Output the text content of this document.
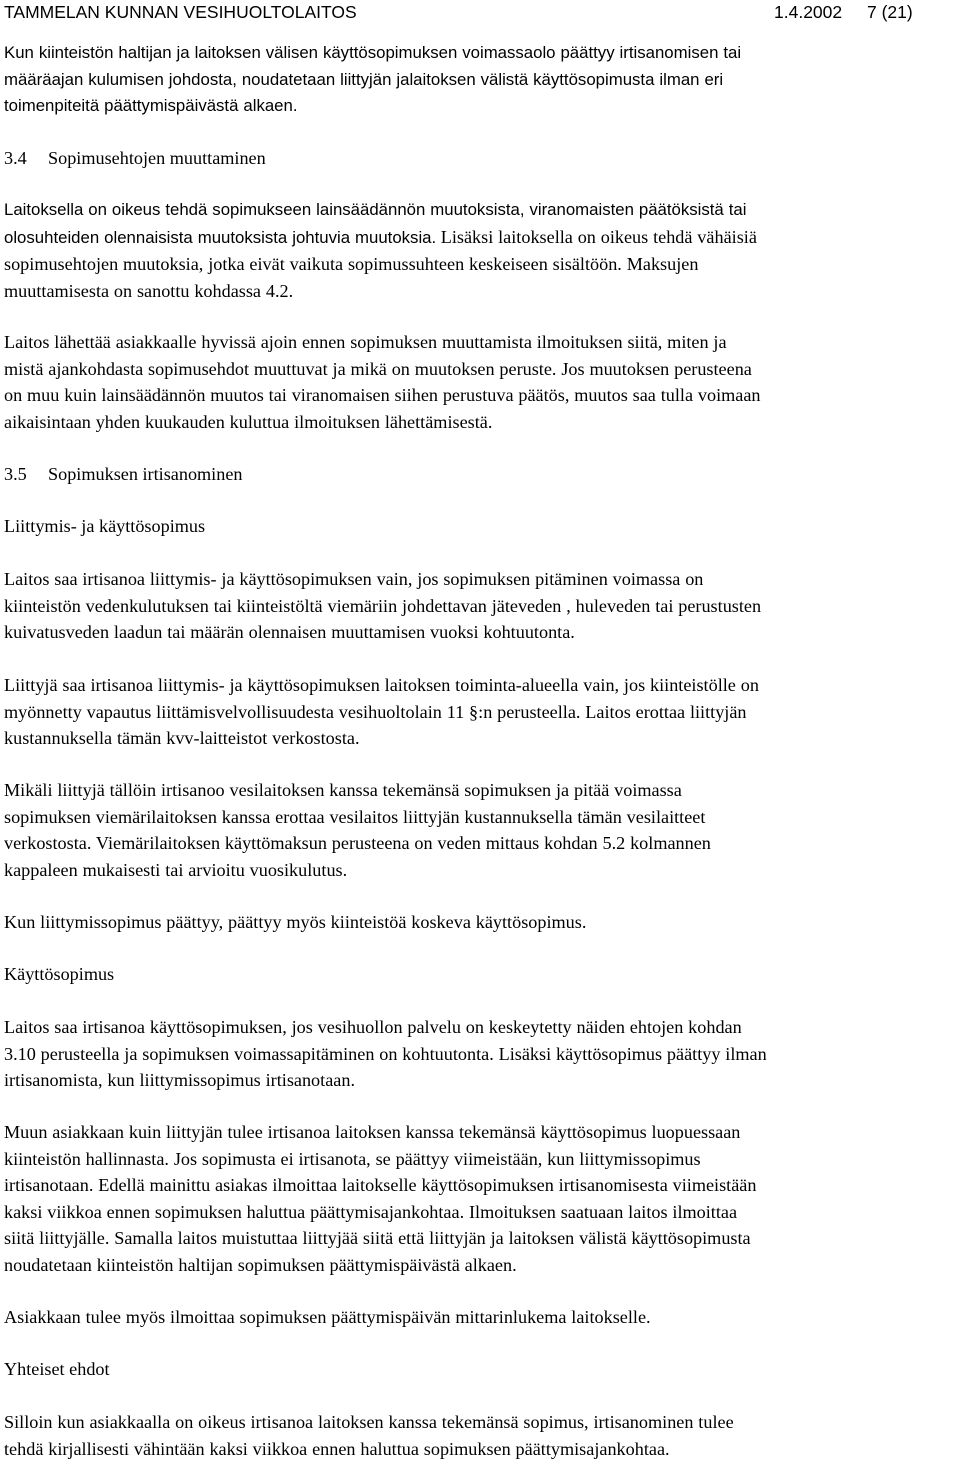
TAMMELAN KUNNAN VESIHUOLTOLAITOS	1.4.2002 7 (21)
Kun kiinteistön haltijan ja laitoksen välisen käyttösopimuksen voimassaolo päättyy irtisanomisen tai
määräajan kulumisen johdosta, noudatetaan liittyjän jalaitoksen välistä käyttösopimusta ilman eri
toimenpiteitä päättymispäivästä alkaen.
3.4 Sopimusehtojen muuttaminen
Laitoksella on oikeus tehdä sopimukseen lainsäädännön muutoksista, viranomaisten päätöksistä tai
olosuhteiden olennaisista muutoksista johtuvia muutoksia. Lisäksi laitoksella on oikeus tehdä vähäisiä
sopimusehtojen muutoksia, jotka eivät vaikuta sopimussuhteen keskeiseen sisältöön. Maksujen
muuttamisesta on sanottu kohdassa 4.2.
Laitos lähettää asiakkaalle hyvissä ajoin ennen sopimuksen muuttamista ilmoituksen siitä, miten ja
mistä ajankohdasta sopimusehdot muuttuvat ja mikä on muutoksen peruste. Jos muutoksen perusteena
on muu kuin lainsäädännön muutos tai viranomaisen siihen perustuva päätös, muutos saa tulla voimaan
aikaisintaan yhden kuukauden kuluttua ilmoituksen lähettämisestä.
3.5 Sopimuksen irtisanominen
Liittymis- ja käyttösopimus
Laitos saa irtisanoa liittymis- ja käyttösopimuksen vain, jos sopimuksen pitäminen voimassa on
kiinteistön vedenkulutuksen tai kiinteistöltä viemäriin johdettavan jäteveden , huleveden tai perustusten
kuivatusveden laadun tai määrän olennaisen muuttamisen vuoksi kohtuutonta.
Liittyjä saa irtisanoa liittymis- ja käyttösopimuksen laitoksen toiminta-alueella vain, jos kiinteistölle on
myönnetty vapautus liittämisvelvollisuudesta vesihuoltolain 11 §:n perusteella. Laitos erottaa liittyjän
kustannuksella tämän kvv-laitteistot verkostosta.
Mikäli liittyjä tällöin irtisanoo vesilaitoksen kanssa tekemänsä sopimuksen ja pitää voimassa
sopimuksen viemärilaitoksen kanssa erottaa vesilaitos liittyjän kustannuksella tämän vesilaitteet
verkostosta. Viemärilaitoksen käyttömaksun perusteena on veden mittaus kohdan 5.2 kolmannen
kappaleen mukaisesti tai arvioitu vuosikulutus.
Kun liittymissopimus päättyy, päättyy myös kiinteistöä koskeva käyttösopimus.
Käyttösopimus
Laitos saa irtisanoa käyttösopimuksen, jos vesihuollon palvelu on keskeytetty näiden ehtojen kohdan
3.10 perusteella ja sopimuksen voimassapitäminen on kohtuutonta. Lisäksi käyttösopimus päättyy ilman
irtisanomista, kun liittymissopimus irtisanotaan.
Muun asiakkaan kuin liittyjän tulee irtisanoa laitoksen kanssa tekemänsä käyttösopimus luopuessaan
kiinteistön hallinnasta. Jos sopimusta ei irtisanota, se päättyy viimeistään, kun liittymissopimus
irtisanotaan. Edellä mainittu asiakas ilmoittaa laitokselle käyttösopimuksen irtisanomisesta viimeistään
kaksi viikkoa ennen sopimuksen haluttua päättymisajankohtaa. Ilmoituksen saatuaan laitos ilmoittaa
siitä liittyjälle. Samalla laitos muistuttaa liittyjää siitä että liittyjän ja laitoksen välistä käyttösopimusta
noudatetaan kiinteistön haltijan sopimuksen päättymispäivästä alkaen.
Asiakkaan tulee myös ilmoittaa sopimuksen päättymispäivän mittarinlukema laitokselle.
Yhteiset ehdot
Silloin kun asiakkaalla on oikeus irtisanoa laitoksen kanssa tekemänsä sopimus, irtisanominen tulee
tehdä kirjallisesti vähintään kaksi viikkoa ennen haluttua sopimuksen päättymisajankohtaa.
